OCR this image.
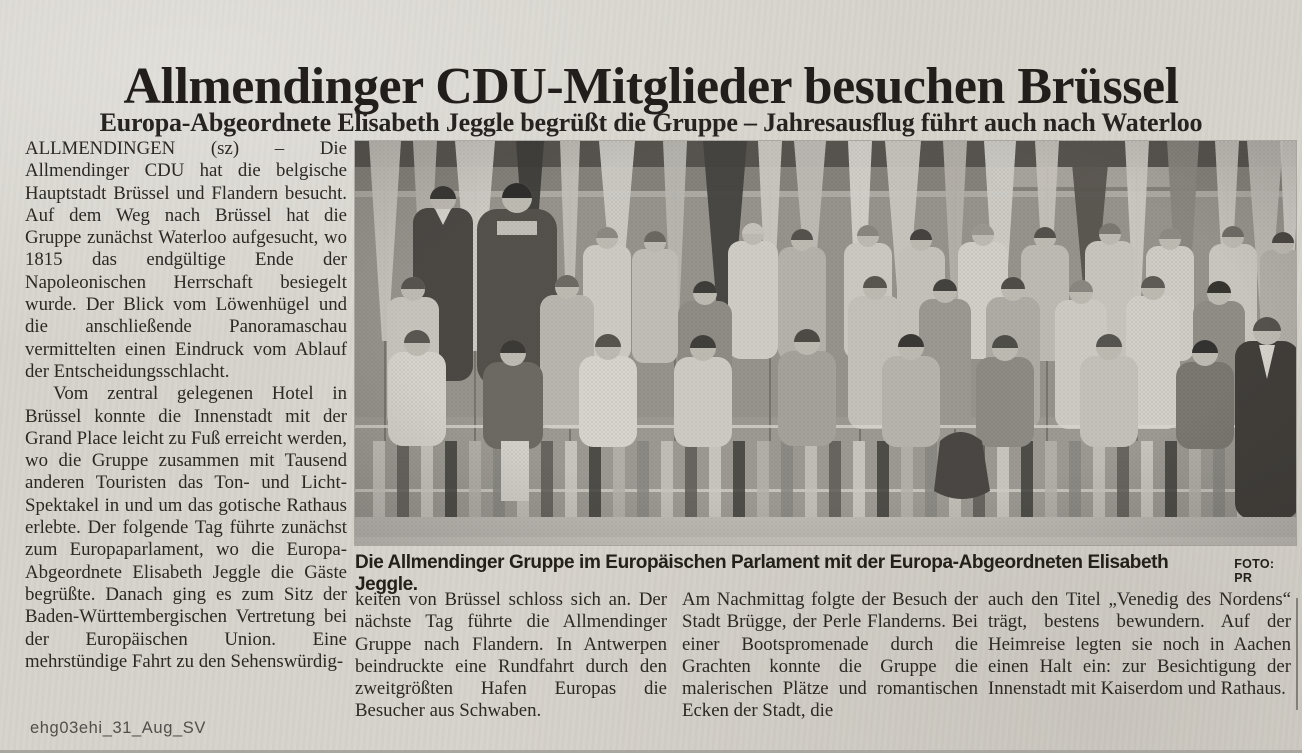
Allmendinger CDU-Mitglieder besuchen Brüssel
Europa-Abgeordnete Elisabeth Jeggle begrüßt die Gruppe – Jahresausflug führt auch nach Waterloo

ALLMENDINGEN (sz) – Die Allmendinger CDU hat die belgische Hauptstadt Brüssel und Flandern besucht. Auf dem Weg nach Brüssel hat die Gruppe zunächst Waterloo aufgesucht, wo 1815 das endgültige Ende der Napoleonischen Herrschaft besiegelt wurde. Der Blick vom Löwenhügel und die anschließende Panoramaschau vermittelten einen Eindruck vom Ablauf der Entscheidungsschlacht.

Vom zentral gelegenen Hotel in Brüssel konnte die Innenstadt mit der Grand Place leicht zu Fuß erreicht werden, wo die Gruppe zusammen mit Tausend anderen Touristen das Ton- und Licht-Spektakel in und um das gotische Rathaus erlebte. Der folgende Tag führte zunächst zum Europaparlament, wo die Europa-Abgeordnete Elisabeth Jeggle die Gäste begrüßte. Danach ging es zum Sitz der Baden-Württembergischen Vertretung bei der Europäischen Union. Eine mehrstündige Fahrt zu den Sehenswürdig-

Die Allmendinger Gruppe im Europäischen Parlament mit der Europa-Abgeordneten Elisabeth Jeggle.
FOTO: PR

keiten von Brüssel schloss sich an. Der nächste Tag führte die Allmendinger Gruppe nach Flandern. In Antwerpen beindruckte eine Rundfahrt durch den zweitgrößten Hafen Europas die Besucher aus Schwaben.

Am Nachmittag folgte der Besuch der Stadt Brügge, der Perle Flanderns. Bei einer Bootspromenade durch die Grachten konnte die Gruppe die malerischen Plätze und romantischen Ecken der Stadt, die

auch den Titel „Venedig des Nordens“ trägt, bestens bewundern. Auf der Heimreise legten sie noch in Aachen einen Halt ein: zur Besichtigung der Innenstadt mit Kaiserdom und Rathaus.

ehg03ehi_31_Aug_SV
